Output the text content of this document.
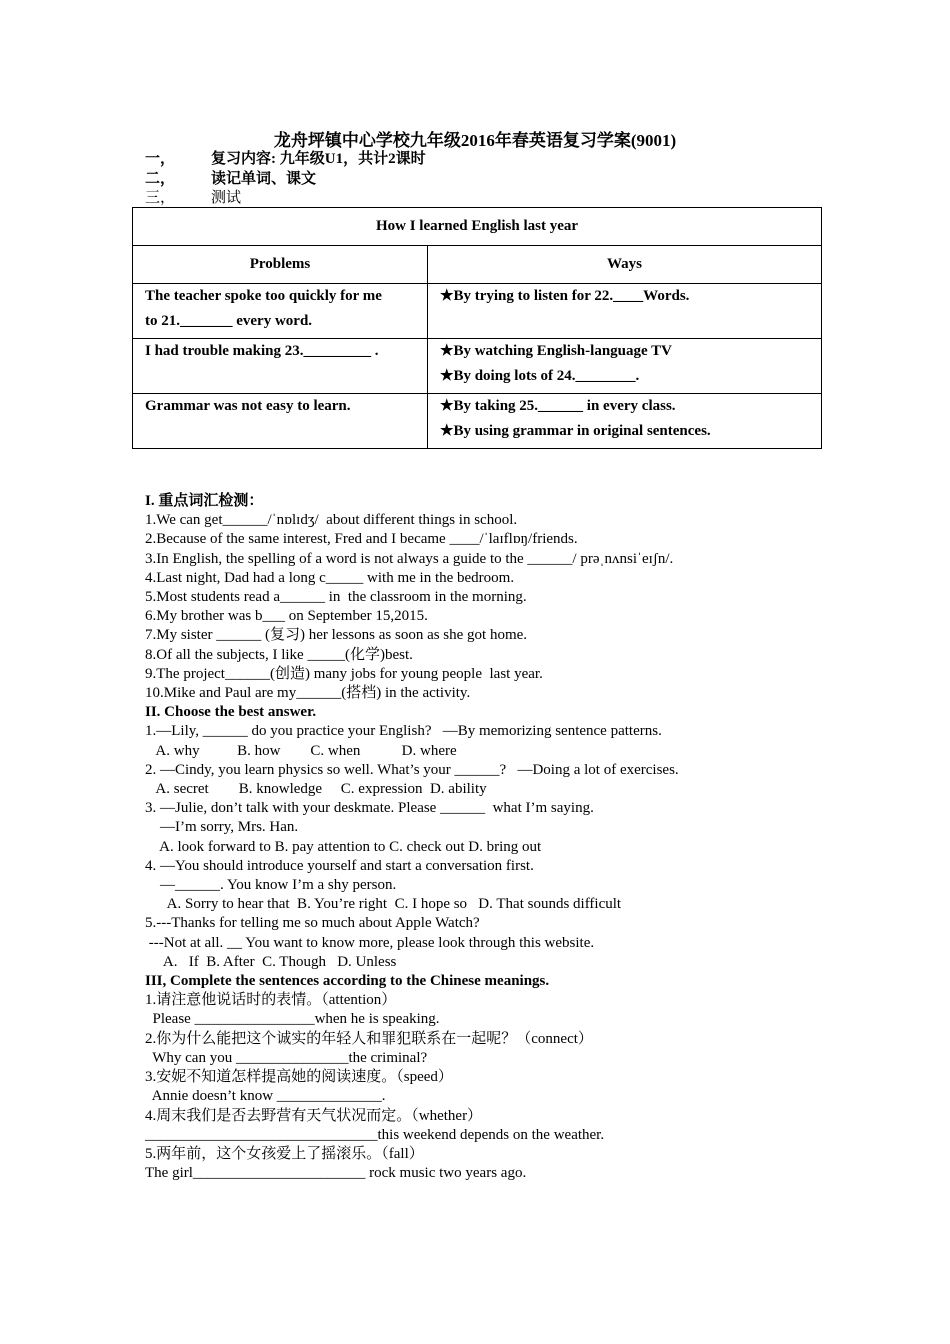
龙舟坪镇中心学校九年级2016年春英语复习学案(9001)
一， 复习内容: 九年级U1，共计2课时
二， 读记单词、课文
三， 测试
How I learned English last year	
Problems	Ways

The teacher spoke too quickly for me
to 21._______ every word.	★By trying to listen for 22.____Words.

I had trouble making 23._________ .	★By watching English-language TV
★By doing lots of 24.________.

Grammar was not easy to learn.	★By taking 25.______ in every class.
★By using grammar in original sentences.
I. 重点词汇检测：
1.We can get______/ˈnɒlɪdʒ/  about different things in school.
2.Because of the same interest, Fred and I became ____/ˈlaɪflɒŋ/friends.
3.In English, the spelling of a word is not always a guide to the ______/ prəˌnʌnsiˈeɪʃn/.
4.Last night, Dad had a long c_____ with me in the bedroom.
5.Most students read a______ in  the classroom in the morning.
6.My brother was b___ on September 15,2015.
7.My sister ______ (复习) her lessons as soon as she got home.
8.Of all the subjects, I like _____(化学)best.
9.The project______(创造) many jobs for young people  last year.
10.Mike and Paul are my______(搭档) in the activity.
II. Choose the best answer.
1.—Lily, ______ do you practice your English?   —By memorizing sentence patterns.
A. why          B. how        C. when           D. where
2. —Cindy, you learn physics so well. What’s your ______?   —Doing a lot of exercises.
A. secret        B. knowledge     C. expression  D. ability
3. —Julie, don’t talk with your deskmate. Please ______  what I’m saying.
—I’m sorry, Mrs. Han.
A. look forward to B. pay attention to C. check out D. bring out
4. —You should introduce yourself and start a conversation first.
—______. You know I’m a shy person.
A. Sorry to hear that  B. You’re right  C. I hope so   D. That sounds difficult
5.---Thanks for telling me so much about Apple Watch?
---Not at all. __ You want to know more, please look through this website.
A.   If  B. After  C. Though   D. Unless
III, Complete the sentences according to the Chinese meanings.
1.请注意他说话时的表情。（attention）
Please ________________when he is speaking.
2.你为什么能把这个诚实的年轻人和罪犯联系在一起呢？（connect）
Why can you _______________the criminal?
3.安妮不知道怎样提高她的阅读速度。（speed）
Annie doesn’t know ______________.
4.周末我们是否去野营有天气状况而定。（whether）
_______________________________this weekend depends on the weather.
5.两年前，这个女孩爱上了摇滚乐。（fall）
The girl_______________________ rock music two years ago.
